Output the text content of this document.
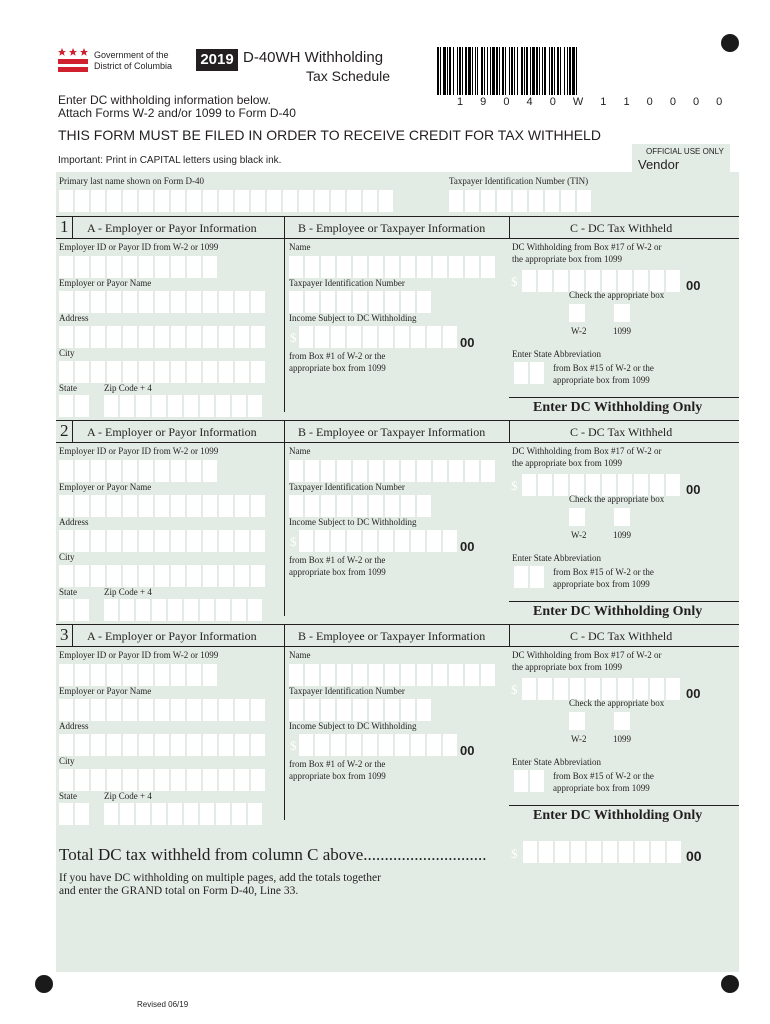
Government of the
District of Columbia 2019 D-40WH Withholding
Tax Schedule
1 9 0 4 0 W 1 1 0 0 0 0
Enter DC withholding information below.
Attach Forms W-2 and/or 1099 to Form D-40
THIS FORM MUST BE FILED IN ORDER TO RECEIVE CREDIT FOR TAX WITHHELD
Important: Print in CAPITAL letters using black ink.
OFFICIAL USE ONLY
Vendor
Primary last name shown on Form D-40	Taxpayer Identification Number (TIN)
1 A - Employer or Payor Information	B - Employee or Taxpayer Information	C - DC Tax Withheld
Employer ID or Payor ID from W-2 or 1099
Employer or Payor Name
Address
City
State	Zip Code + 4
Name
Taxpayer Identification Number
Income Subject to DC Withholding
$	00
from Box #1 of W-2 or the
appropriate box from 1099
DC Withholding from Box #17 of W-2 or
the appropriate box from 1099
$	00
Check the appropriate box
W-2	1099
Enter State Abbreviation
from Box #15 of W-2 or the
appropriate box from 1099
Enter DC Withholding Only
2 A - Employer or Payor Information	B - Employee or Taxpayer Information	C - DC Tax Withheld
Employer ID or Payor ID from W-2 or 1099
Employer or Payor Name
Address
City
State	Zip Code + 4
Name
Taxpayer Identification Number
Income Subject to DC Withholding
$	00
from Box #1 of W-2 or the
appropriate box from 1099
DC Withholding from Box #17 of W-2 or
the appropriate box from 1099
$	00
Check the appropriate box
W-2	1099
Enter State Abbreviation
from Box #15 of W-2 or the
appropriate box from 1099
Enter DC Withholding Only
3 A - Employer or Payor Information	B - Employee or Taxpayer Information	C - DC Tax Withheld
Employer ID or Payor ID from W-2 or 1099
Employer or Payor Name
Address
City
State	Zip Code + 4
Name
Taxpayer Identification Number
Income Subject to DC Withholding
$	00
from Box #1 of W-2 or the
appropriate box from 1099
DC Withholding from Box #17 of W-2 or
the appropriate box from 1099
$	00
Check the appropriate box
W-2	1099
Enter State Abbreviation
from Box #15 of W-2 or the
appropriate box from 1099
Enter DC Withholding Only
Total DC tax withheld from column C above............................. $	00
If you have DC withholding on multiple pages, add the totals together
and enter the GRAND total on Form D-40, Line 33.
Revised 06/19
